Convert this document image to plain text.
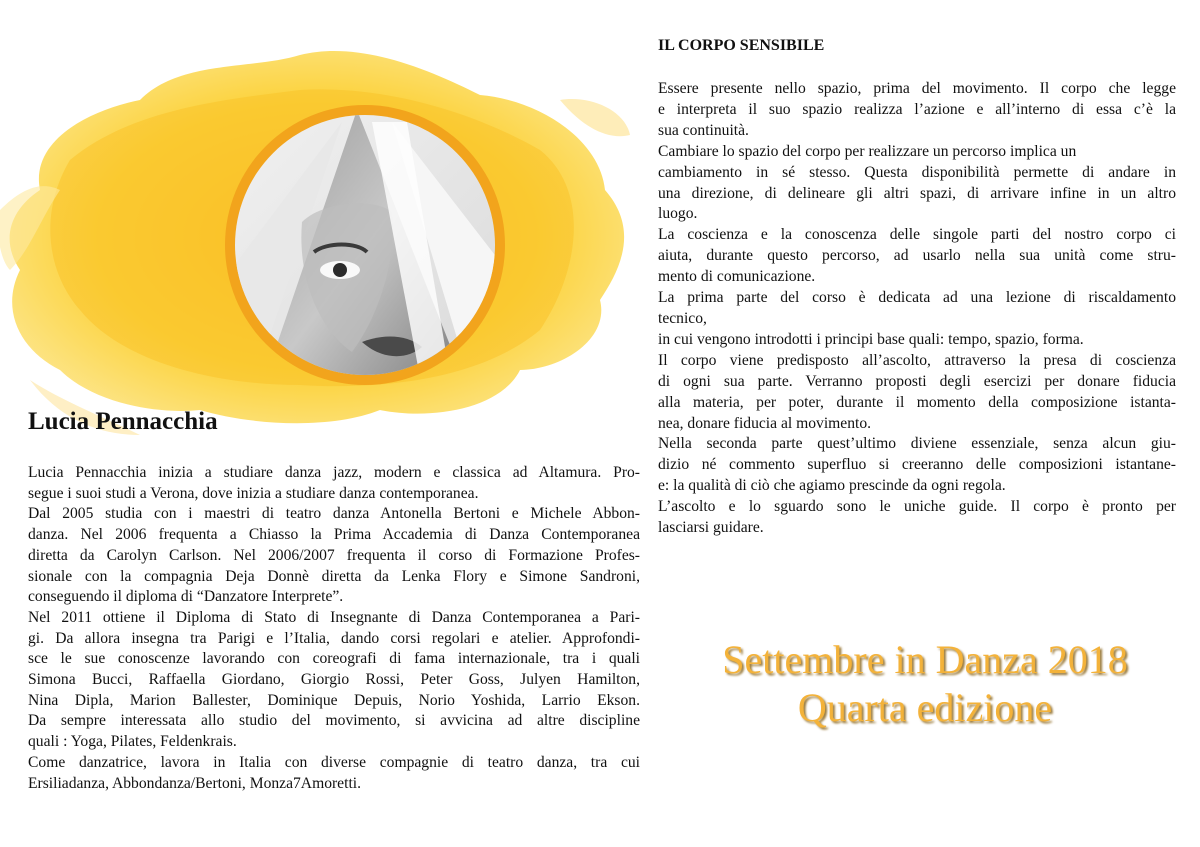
Lucia Pennacchia

Lucia Pennacchia inizia a studiare danza jazz, modern e classica ad Altamura. Pro-
segue i suoi studi a Verona, dove inizia a studiare danza contemporanea.
Dal 2005 studia con i maestri di teatro danza Antonella Bertoni e Michele Abbon-
danza. Nel 2006 frequenta a Chiasso la Prima Accademia di Danza Contemporanea
diretta da Carolyn Carlson. Nel 2006/2007 frequenta il corso di Formazione Profes-
sionale con la compagnia Deja Donnè diretta da Lenka Flory e Simone Sandroni,
conseguendo il diploma di “Danzatore Interprete”.
Nel 2011 ottiene il Diploma di Stato di Insegnante di Danza Contemporanea a Pari-
gi. Da allora insegna tra Parigi e l’Italia, dando corsi regolari e atelier. Approfondi-
sce le sue conoscenze lavorando con coreografi di fama internazionale, tra i quali
Simona Bucci, Raffaella Giordano, Giorgio Rossi, Peter Goss, Julyen Hamilton,
Nina Dipla, Marion Ballester, Dominique Depuis, Norio Yoshida, Larrio Ekson.
Da sempre interessata allo studio del movimento, si avvicina ad altre discipline
quali : Yoga, Pilates, Feldenkrais.
Come danzatrice, lavora in Italia con diverse compagnie di teatro danza, tra cui
Ersiliadanza, Abbondanza/Bertoni, Monza7Amoretti.

IL CORPO SENSIBILE

Essere presente nello spazio, prima del movimento. Il corpo che legge
e interpreta il suo spazio realizza l’azione e all’interno di essa c’è la
sua continuità.
Cambiare lo spazio del corpo per realizzare un percorso implica un
cambiamento in sé stesso. Questa disponibilità permette di andare in
una direzione, di delineare gli altri spazi, di arrivare infine in un altro
luogo.
La coscienza e la conoscenza delle singole parti del nostro corpo ci
aiuta, durante questo percorso, ad usarlo nella sua unità come stru-
mento di comunicazione.
La prima parte del corso è dedicata ad una lezione di riscaldamento
tecnico,
in cui vengono introdotti i principi base quali: tempo, spazio, forma.
Il corpo viene predisposto all’ascolto, attraverso la presa di coscienza
di ogni sua parte. Verranno proposti degli esercizi per donare fiducia
alla materia, per poter, durante il momento della composizione istanta-
nea, donare fiducia al movimento.
Nella seconda parte quest’ultimo diviene essenziale, senza alcun giu-
dizio né commento superfluo si creeranno delle composizioni istantane-
e: la qualità di ciò che agiamo prescinde da ogni regola.
L’ascolto e lo sguardo sono le uniche guide. Il corpo è pronto per
lasciarsi guidare.

Settembre in Danza 2018
Quarta edizione
